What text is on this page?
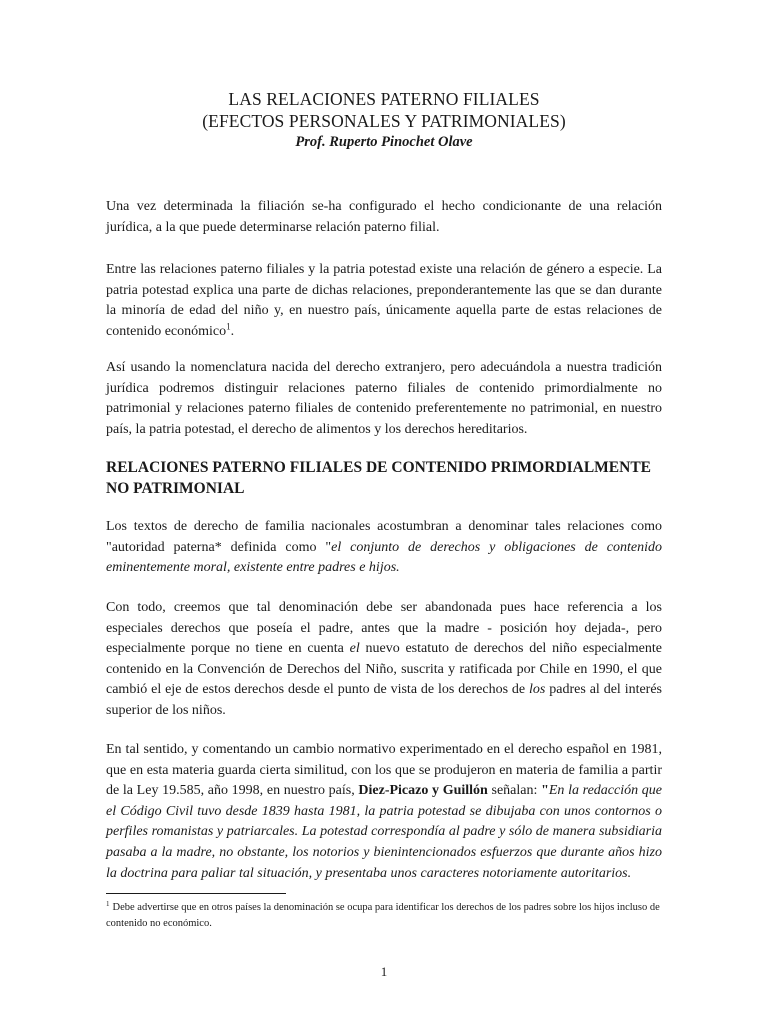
LAS RELACIONES PATERNO FILIALES
(EFECTOS PERSONALES Y PATRIMONIALES)
Prof. Ruperto Pinochet Olave

Una vez determinada la filiación se-ha configurado el hecho condicionante de una relación jurídica, a la que puede determinarse relación paterno filial.

Entre las relaciones paterno filiales y la patria potestad existe una relación de género a especie. La patria potestad explica una parte de dichas relaciones, preponderantemente las que se dan durante la minoría de edad del niño y, en nuestro país, únicamente aquella parte de estas relaciones de contenido económico$^1$.

Así usando la nomenclatura nacida del derecho extranjero, pero adecuándola a nuestra tradición jurídica podremos distinguir relaciones paterno filiales de contenido primordialmente no patrimonial y relaciones paterno filiales de contenido preferentemente no patrimonial, en nuestro país, la patria potestad, el derecho de alimentos y los derechos hereditarios.

RELACIONES PATERNO FILIALES DE CONTENIDO PRIMORDIALMENTE NO PATRIMONIAL

Los textos de derecho de familia nacionales acostumbran a denominar tales relaciones como "autoridad paterna* definida como "el conjunto de derechos y obligaciones de contenido eminentemente moral, existente entre padres e hijos.

Con todo, creemos que tal denominación debe ser abandonada pues hace referencia a los especiales derechos que poseía el padre, antes que la madre - posición hoy dejada-, pero especialmente porque no tiene en cuenta el nuevo estatuto de derechos del niño especialmente contenido en la Convención de Derechos del Niño, suscrita y ratificada por Chile en 1990, el que cambió el eje de estos derechos desde el punto de vista de los derechos de los padres al del interés superior de los niños.

En tal sentido, y comentando un cambio normativo experimentado en el derecho español en 1981, que en esta materia guarda cierta similitud, con los que se produjeron en materia de familia a partir de la Ley 19.585, año 1998, en nuestro país, Diez-Picazo y Guillón señalan: "En la redacción que el Código Civil tuvo desde 1839 hasta 1981, la patria potestad se dibujaba con unos contornos o perfiles romanistas y patriarcales. La potestad correspondía al padre y sólo de manera subsidiaria pasaba a la madre, no obstante, los notorios y bienintencionados esfuerzos que durante años hizo la doctrina para paliar tal situación, y presentaba unos caracteres notoriamente autoritarios.

$^1$ Debe advertirse que en otros países la denominación se ocupa para identificar los derechos de los padres sobre los hijos incluso de contenido no económico.
1
